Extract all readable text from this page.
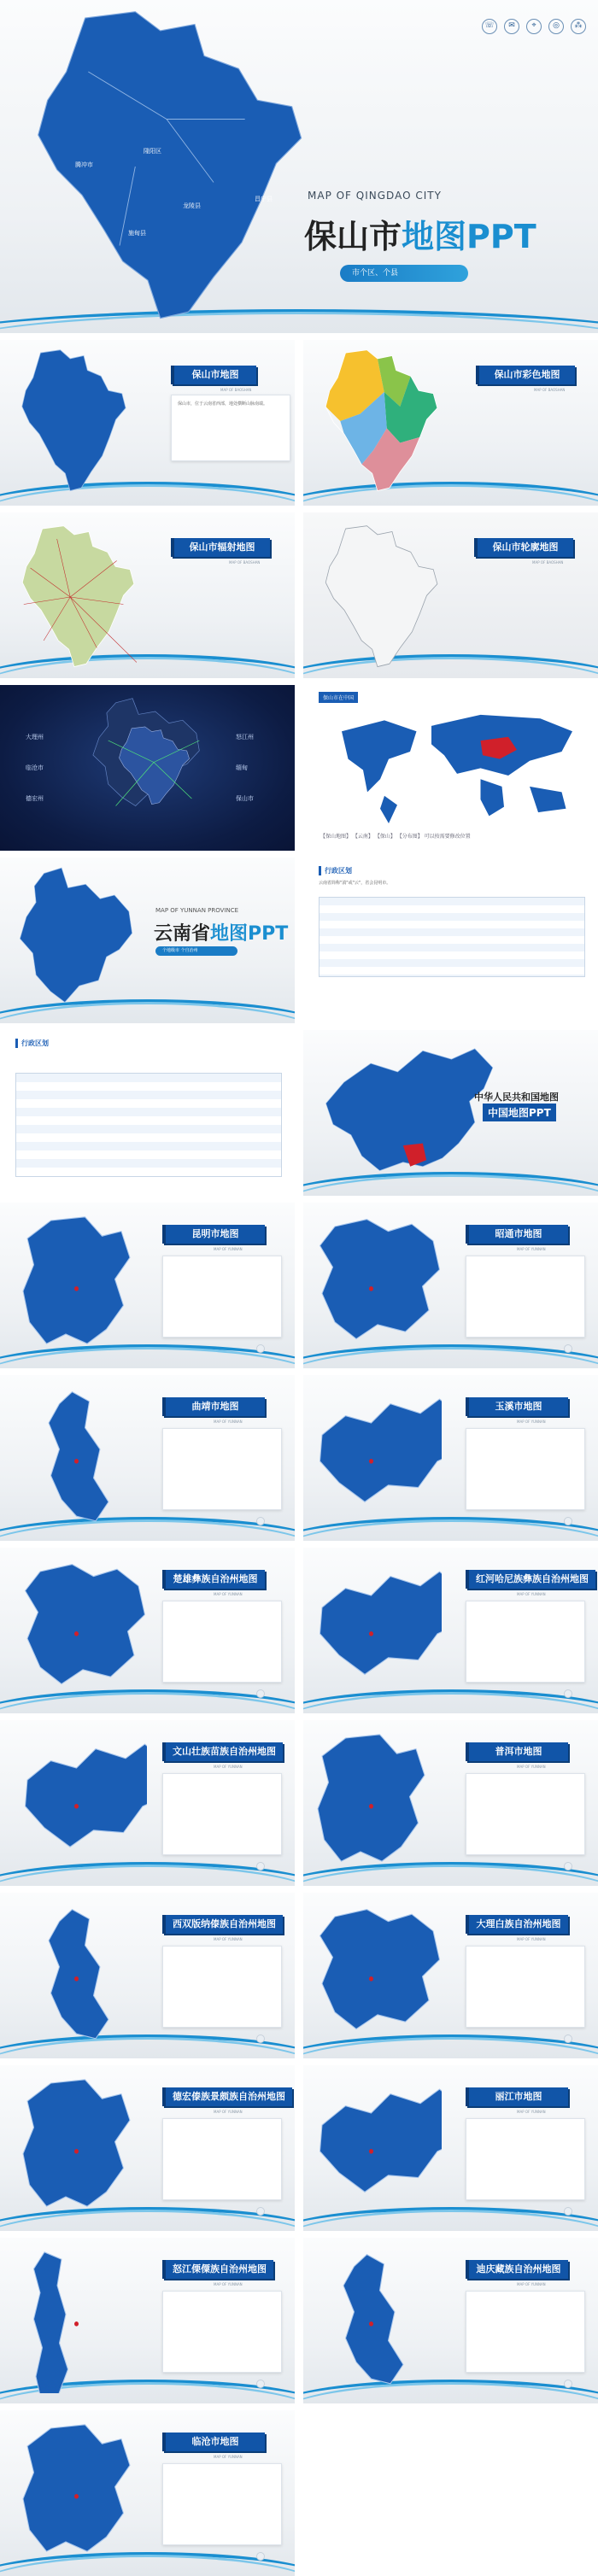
☏	✉	⌖	◎	⁂
腾冲市
隆阳区
施甸县
龙陵县
昌宁县	MAP OF QINGDAO CITY
保山市地图PPT
市个区、个县
保山市地图
MAP OF BAOSHAN

保山市，位于云南省西部，地处横断山脉南端。

保山市彩色地图
MAP OF BAOSHAN
保山市辐射地图
MAP OF BAOSHAN
保山市轮廓地图
MAP OF BAOSHAN
大理州
临沧市
德宏州
怒江州
缅甸
保山市
保山市在中国
【保山地图】 【云南】 【保山】 【分布图】 可以按需要修改位置
MAP OF YUNNAN PROVINCE
云南省地图PPT
个地级市 个自治州
行政区划
云南省简称"滇"或"云"，省会昆明市。
行政区划
中华人民共和国地图
中国地图PPT
昆明市地图
MAP OF YUNNAN
昭通市地图
MAP OF YUNNAN
曲靖市地图
MAP OF YUNNAN
玉溪市地图
MAP OF YUNNAN
楚雄彝族自治州地图
MAP OF YUNNAN
红河哈尼族彝族自治州地图
MAP OF YUNNAN
文山壮族苗族自治州地图
MAP OF YUNNAN
普洱市地图
MAP OF YUNNAN
西双版纳傣族自治州地图
MAP OF YUNNAN
大理白族自治州地图
MAP OF YUNNAN
德宏傣族景颇族自治州地图
MAP OF YUNNAN
丽江市地图
MAP OF YUNNAN
怒江傈僳族自治州地图
MAP OF YUNNAN
迪庆藏族自治州地图
MAP OF YUNNAN
临沧市地图
MAP OF YUNNAN
